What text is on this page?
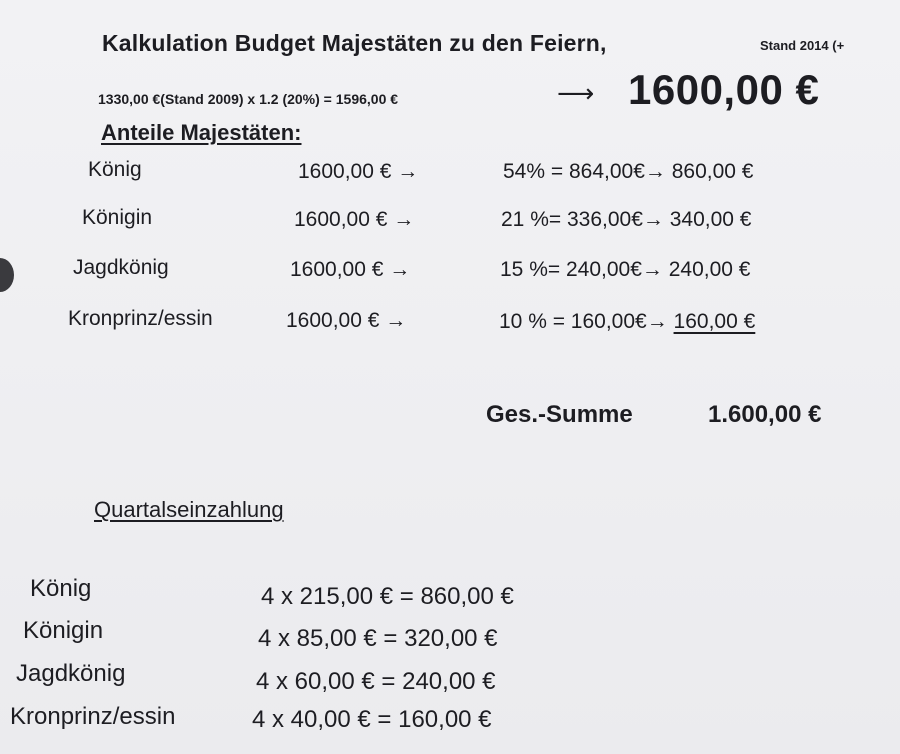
Kalkulation Budget Majestäten zu den Feiern,	Stand 2014 (+
1330,00 €(Stand 2009) x 1.2 (20%) = 1596,00 €	⟶ 1600,00 €
Anteile Majestäten:
König	1600,00 € →	54% = 864,00€→ 860,00 €
Königin	1600,00 € →	21 %= 336,00€→ 340,00 €
Jagdkönig	1600,00 € →	15 %= 240,00€→ 240,00 €
Kronprinz/essin	1600,00 € →	10 % = 160,00€→ 160,00 €
Ges.-Summe	1.600,00 €
Quartalseinzahlung
König	4 x 215,00 € = 860,00 €
Königin	4 x 85,00 € = 320,00 €
Jagdkönig	4 x 60,00 € = 240,00 €
Kronprinz/essin	4 x 40,00 € = 160,00 €
